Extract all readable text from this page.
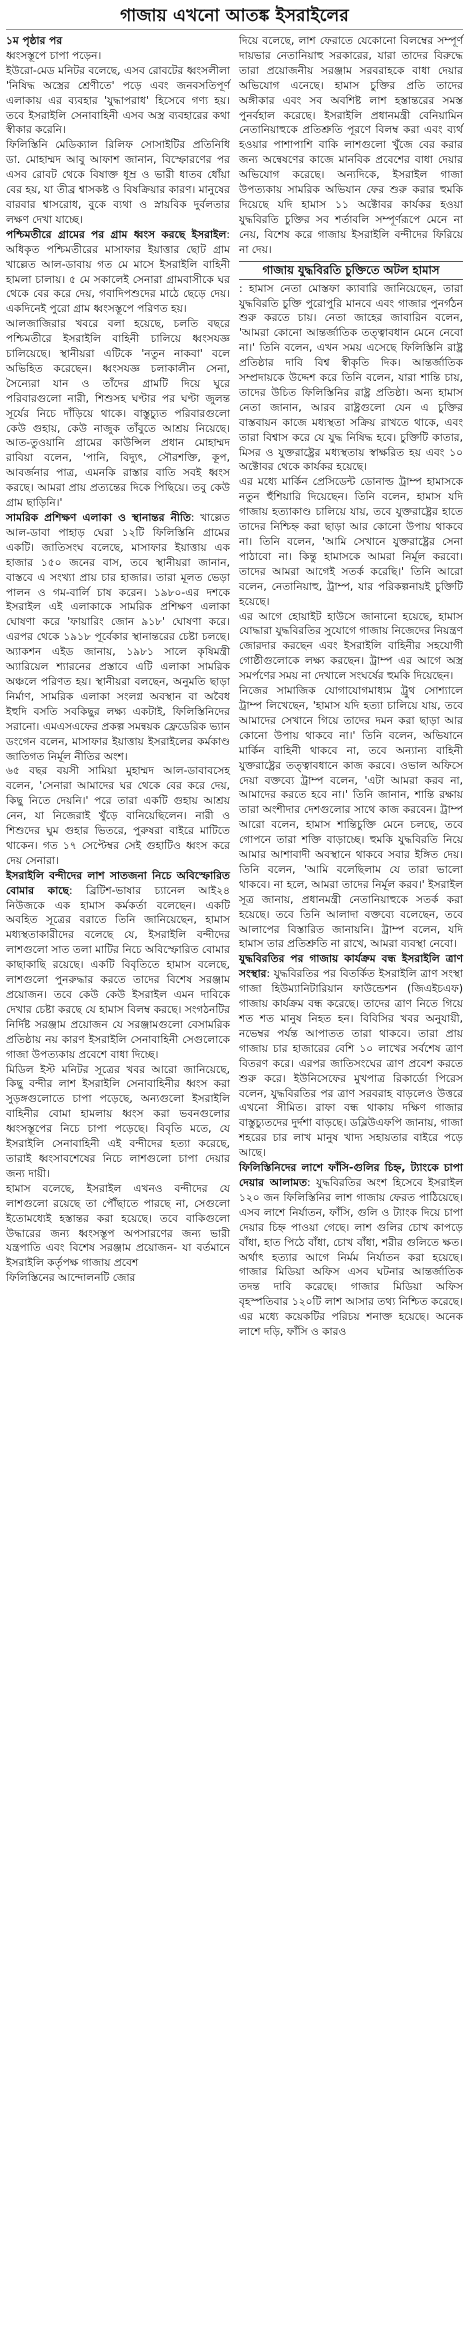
গাজায় এখনো আতঙ্ক ইসরাইলের

১ম পৃষ্ঠার পর

ধ্বংসস্তূপে চাপা পড়েন।

ইউরো-মেড মনিটর বলেছে, এসব রোবটের ধ্বংসলীলা 'নিষিদ্ধ অস্ত্রের শ্রেণীতে' পড়ে এবং জনবসতিপূর্ণ এলাকায় এর ব্যবহার 'যুদ্ধাপরাধ' হিসেবে গণ্য হয়। তবে ইসরাইলি সেনাবাহিনী এসব অস্ত্র ব্যবহারের কথা স্বীকার করেনি।

ফিলিস্তিনি মেডিক্যাল রিলিফ সোসাইটির প্রতিনিধি ডা. মোহাম্মদ আবু আফাশ জানান, বিস্ফোরণের পর এসব রোবট থেকে বিষাক্ত ধূম্র ও ভারী ধাতব ধোঁয়া বের হয়, যা তীব্র শ্বাসকষ্ট ও বিষক্রিয়ার কারণ। মানুষের বারবার শ্বাসরোধ, বুকে ব্যথা ও স্নায়বিক দুর্বলতার লক্ষণ দেখা যাচ্ছে।

পশ্চিমতীরে গ্রামের পর গ্রাম ধ্বংস করছে ইসরাইল: অধিকৃত পশ্চিমতীরের মাসাফার ইয়াত্তার ছোট গ্রাম খাল্লেত আল-ডাবায় গত মে মাসে ইসরাইলি বাহিনী হামলা চালায়। ৫ মে সকালেই সেনারা গ্রামবাসীকে ঘর থেকে বের করে দেয়, গবাদিপশুদের মাঠে ছেড়ে দেয়। একদিনেই পুরো গ্রাম ধ্বংসস্তূপে পরিণত হয়।

আলজাজিরার খবরে বলা হয়েছে, চলতি বছরে পশ্চিমতীরে ইসরাইলি বাহিনী চালিয়ে ধ্বংসযজ্ঞ চালিয়েছে। স্থানীয়রা এটিকে 'নতুন নাকবা' বলে অভিহিত করেছেন। ধ্বংসযজ্ঞ চলাকালীন সেনা, সৈন্যেরা যান ও তাঁদের গ্রামটি দিয়ে ঘুরে পরিবারগুলো নারী, শিশুসহ ঘণ্টার পর ঘণ্টা জুলন্ত সূর্যের নিচে দাঁড়িয়ে থাকে। বাস্তুচ্যুত পরিবারগুলো কেউ গুহায়, কেউ নাজুক তাঁবুতে আশ্রয় নিয়েছে। আত-তুওয়ানি গ্রামের কাউন্সিল প্রধান মোহাম্মদ রাবিয়া বলেন, 'পানি, বিদ্যুৎ, সৌরশক্তি, কূপ, আবর্জনার পাত্র, এমনকি রাস্তার বাতি সবই ধ্বংস করছে। আমরা প্রায় প্রত্যন্তের দিকে পিছিয়ে। তবু কেউ গ্রাম ছাড়িনি।'

সামরিক প্রশিক্ষণ এলাকা ও স্থানান্তর নীতি: খাল্লেত আল-ডাবা পাহাড় ঘেরা ১২টি ফিলিস্তিনি গ্রামের একটি। জাতিসংঘ বলেছে, মাসাফার ইয়াত্তায় এক হাজার ১৫০ জনের বাস, তবে স্থানীয়রা জানান, বাস্তবে এ সংখ্যা প্রায় চার হাজার। তারা মূলত ভেড়া পালন ও গম-বার্লি চাষ করেন। ১৯৮০-এর দশকে ইসরাইল এই এলাকাকে সামরিক প্রশিক্ষণ এলাকা ঘোষণা করে 'ফায়ারিং জোন ৯১৮' ঘোষণা করে। এরপর থেকে ১৯১৮ পূর্বেকার স্থানান্তরের চেষ্টা চলছে। অ্যাকশন এইড জানায়, ১৯৮১ সালে কৃষিমন্ত্রী অ্যারিয়েল শ্যারনের প্রস্তাবে এটি এলাকা সামরিক অঞ্চলে পরিণত হয়। স্থানীয়রা বলছেন, অনুমতি ছাড়া নির্মাণ, সামরিক এলাকা সংলগ্ন অবস্থান বা অবৈধ ইহুদি বসতি সবকিছুর লক্ষ্য একটাই, ফিলিস্তিনিদের সরানো। এমএসএফের প্রকল্প সমন্বয়ক ফ্রেডেরিক ভ্যান ডংগেন বলেন, মাসাফার ইয়াত্তায় ইসরাইলের কর্মকাণ্ড জাতিগত নির্মূল নীতির অংশ।

৬৫ বছর বয়সী সামিয়া মুহাম্মদ আল-ডাবাবসেহ বলেন, 'সেনারা আমাদের ঘর থেকে বের করে দেয়, কিছু নিতে দেয়নি।' পরে তারা একটি গুহায় আশ্রয় নেন, যা নিজেরাই খুঁড়ে বানিয়েছিলেন। নারী ও শিশুদের ঘুম গুহার ভিতরে, পুরুষরা বাইরে মাটিতে থাকেন। গত ১৭ সেপ্টেম্বর সেই গুহাটিও ধ্বংস করে দেয় সেনারা।

ইসরাইলি বন্দীদের লাশ সাতজনা নিচে অবিস্ফোরিত বোমার কাছে: ব্রিটিশ-ভাষার চ্যানেল আই২৪ নিউজকে এক হামাস কর্মকর্তা বলেছেন। একটি অবহিত সূত্রের বরাতে তিনি জানিয়েছেন, হামাস মধ্যস্থতাকারীদের বলেছে যে, ইসরাইলি বন্দীদের লাশগুলো সাত তলা মাটির নিচে অবিস্ফোরিত বোমার কাছাকাছি রয়েছে। একটি বিবৃতিতে হামাস বলেছে, লাশগুলো পুনরুদ্ধার করতে তাদের বিশেষ সরঞ্জাম প্রয়োজন। তবে কেউ কেউ ইসরাইল এমন দাবিকে দেখার চেষ্টা করছে যে হামাস বিলম্ব করছে। সংগঠনটির নির্দিষ্ট সরঞ্জাম প্রয়োজন যে সরঞ্জামগুলো বেসামরিক প্রতিষ্ঠায় নয় কারণ ইসরাইলি সেনাবাহিনী সেগুলোকে গাজা উপত্যকায় প্রবেশে বাধা দিচ্ছে।

মিডিল ইস্ট মনিটর সূত্রের খবর আরো জানিয়েছে, কিছু বন্দীর লাশ ইসরাইলি সেনাবাহিনীর ধ্বংস করা সুড়ঙ্গগুলোতে চাপা পড়েছে, অন্যগুলো ইসরাইলি বাহিনীর বোমা হামলায় ধ্বংস করা ভবনগুলোর ধ্বংসস্তূপের নিচে চাপা পড়েছে। বিবৃতি মতে, যে ইসরাইলি সেনাবাহিনী এই বন্দীদের হত্যা করেছে, তারাই ধ্বংসাবশেষের নিচে লাশগুলো চাপা দেয়ার জন্য দায়ী।

হামাস বলেছে, ইসরাইল এখনও বন্দীদের যে লাশগুলো রয়েছে তা পৌঁছাতে পারছে না, সেগুলো ইতোমধ্যেই হস্তান্তর করা হয়েছে। তবে বাকিগুলো উদ্ধারের জন্য ধ্বংসস্তূপ অপসারণের জন্য ভারী যন্ত্রপাতি এবং বিশেষ সরঞ্জাম প্রয়োজন- যা বর্তমানে ইসরাইলি কর্তৃপক্ষ গাজায় প্রবেশ

ফিলিস্তিনের আন্দোলনটি জোর

দিয়ে বলেছে, লাশ ফেরাতে যেকোনো বিলম্বের সম্পূর্ণ দায়ভার নেতানিয়াহু সরকারের, যারা তাদের বিরুদ্ধে তারা প্রয়োজনীয় সরঞ্জাম সরবরাহকে বাধা দেয়ার অভিযোগ এনেছে। হামাস চুক্তির প্রতি তাদের অঙ্গীকার এবং সব অবশিষ্ট লাশ হস্তান্তরের সমস্ত পুনর্বহাল করেছে। ইসরাইলি প্রধানমন্ত্রী বেনিয়ামিন নেতানিয়াহুকে প্রতিশ্রুতি পূরণে বিলম্ব করা এবং ব্যর্থ হওয়ার পাশাপাশি বাকি লাশগুলো খুঁজে বের করার জন্য অন্বেষণের কাজে মানবিক প্রবেশের বাধা দেয়ার অভিযোগ করেছে। অন্যদিকে, ইসরাইল গাজা উপত্যকায় সামরিক অভিযান ফের শুরু করার হুমকি দিয়েছে যদি হামাস ১১ অক্টোবর কার্যকর হওয়া যুদ্ধবিরতি চুক্তির সব শর্তাবলি সম্পূর্ণরূপে মেনে না নেয়, বিশেষ করে গাজায় ইসরাইলি বন্দীদের ফিরিয়ে না দেয়।

গাজায় যুদ্ধবিরতি চুক্তিতে অটল হামাস

: হামাস নেতা মোস্তফা ক্যাবারি জানিয়েছেন, তারা যুদ্ধবিরতি চুক্তি পুরোপুরি মানবে এবং গাজার পুনর্গঠন শুরু করতে চায়। নেতা জাহের জাবারিন বলেন, 'আমরা কোনো আন্তর্জাতিক তত্ত্বাবধান মেনে নেবো না।' তিনি বলেন, এখন সময় এসেছে ফিলিস্তিনি রাষ্ট্র প্রতিষ্ঠার দাবি বিশ্ব স্বীকৃতি দিক। আন্তর্জাতিক সম্প্রদায়কে উদ্দেশ করে তিনি বলেন, যারা শান্তি চায়, তাদের উচিত ফিলিস্তিনির রাষ্ট্র প্রতিষ্ঠা। অন্য হামাস নেতা জানান, আরব রাষ্ট্রগুলো যেন এ চুক্তির বাস্তবায়ন কাজে মধ্যস্থতা সক্রিয় রাখতে থাকে, এবং তারা বিশ্বাস করে যে যুদ্ধ নিষিদ্ধ হবে। চুক্তিটি কাতার, মিসর ও যুক্তরাষ্ট্রের মধ্যস্থতায় স্বাক্ষরিত হয় এবং ১০ অক্টোবর থেকে কার্যকর হয়েছে।

এর মধ্যে মার্কিন প্রেসিডেন্ট ডোনাল্ড ট্রাম্প হামাসকে নতুন হুঁশিয়ারি দিয়েছেন। তিনি বলেন, হামাস যদি গাজায় হত্যাকাণ্ড চালিয়ে যায়, তবে যুক্তরাষ্ট্রের হাতে তাদের নিশ্চিহ্ন করা ছাড়া আর কোনো উপায় থাকবে না। তিনি বলেন, 'আমি সেখানে যুক্তরাষ্ট্রের সেনা পাঠাবো না। কিন্তু হামাসকে আমরা নির্মূল করবো। তাদের আমরা আগেই সতর্ক করেছি।' তিনি আরো বলেন, নেতানিয়াহু, ট্রাম্প, যার পরিকল্পনায়ই চুক্তিটি হয়েছে।

এর আগে হোয়াইট হাউসে জানানো হয়েছে, হামাস যোদ্ধারা যুদ্ধবিরতির সুযোগে গাজায় নিজেদের নিয়ন্ত্রণ জোরদার করছেন এবং ইসরাইলি বাহিনীর সহযোগী গোষ্ঠীগুলোকে লক্ষ্য করছেন। ট্রাম্প এর আগে অস্ত্র সমর্পণের সময় না দেখালে সংঘর্ষের হুমকি দিয়েছেন।

নিজের সামাজিক যোগাযোগমাধ্যম ট্রুথ সোশ্যালে ট্রাম্প লিখেছেন, 'হামাস যদি হত্যা চালিয়ে যায়, তবে আমাদের সেখানে গিয়ে তাদের দমন করা ছাড়া আর কোনো উপায় থাকবে না।' তিনি বলেন, অভিযানে মার্কিন বাহিনী থাকবে না, তবে অন্যান্য বাহিনী যুক্তরাষ্ট্রের তত্ত্বাবধানে কাজ করবে। ওভাল অফিসে দেয়া বক্তব্যে ট্রাম্প বলেন, 'এটা আমরা করব না, আমাদের করতে হবে না।' তিনি জানান, শান্তি রক্ষায় তারা অংশীদার দেশগুলোর সাথে কাজ করবেন। ট্রাম্প আরো বলেন, হামাস শান্তিচুক্তি মেনে চলছে, তবে গোপনে তারা শক্তি বাড়াচ্ছে। হুমকি যুদ্ধবিরতি নিয়ে আমার আশাবাদী অবস্থানে থাকবে সবার ইঙ্গিত দেয়। তিনি বলেন, 'আমি বলেছিলাম যে তারা ভালো থাকবে। না হলে, আমরা তাদের নির্মূল করব।' ইসরাইল সূত্র জানায়, প্রধানমন্ত্রী নেতানিয়াহুকে সতর্ক করা হয়েছে। তবে তিনি আলাদা বক্তব্যে বলেছেন, তবে আলাপের বিস্তারিত জানায়নি। ট্রাম্প বলেন, যদি হামাস তার প্রতিশ্রুতি না রাখে, আমরা ব্যবস্থা নেবো।

যুদ্ধবিরতির পর গাজায় কার্যক্রম বন্ধ ইসরাইলি ত্রাণ সংস্থার: যুদ্ধবিরতির পর বিতর্কিত ইসরাইলি ত্রাণ সংস্থা গাজা হিউম্যানিটারিয়ান ফাউন্ডেশন (জিএইচএফ) গাজায় কার্যক্রম বন্ধ করেছে। তাদের ত্রাণ নিতে গিয়ে শত শত মানুষ নিহত হন। বিবিসির খবর অনুযায়ী, নভেম্বর পর্যন্ত আপাতত তারা থাকবে। তারা প্রায় গাজায় চার হাজারের বেশি ১০ লাখের সর্বশেষ ত্রাণ বিতরণ করে। এরপর জাতিসংঘের ত্রাণ প্রবেশ করতে শুরু করে। ইউনিসেফের মুখপাত্র রিকার্ডো পিরেস বলেন, যুদ্ধবিরতির পর ত্রাণ সরবরাহ বাড়লেও উত্তরে এখনো সীমিত। রাফা বন্ধ থাকায় দক্ষিণ গাজার বাস্তুচ্যুতদের দুর্দশা বাড়ছে। ডব্লিউএফপি জানায়, গাজা শহরের চার লাখ মানুষ খাদ্য সহায়তার বাইরে পড়ে আছে।

ফিলিস্তিনিদের লাশে ফাঁসি-গুলির চিহ্ন, ট্যাংকে চাপা দেয়ার আলামত: যুদ্ধবিরতির অংশ হিসেবে ইসরাইল ১২০ জন ফিলিস্তিনির লাশ গাজায় ফেরত পাঠিয়েছে। এসব লাশে নির্যাতন, ফাঁসি, গুলি ও ট্যাংক দিয়ে চাপা দেয়ার চিহ্ন পাওয়া গেছে। লাশ গুলির চোখ কাপড়ে বাঁধা, হাত পিঠে বাঁধা, চোখ বাঁধা, শরীর গুলিতে ক্ষত। অর্থাৎ হত্যার আগে নির্মম নির্যাতন করা হয়েছে। গাজার মিডিয়া অফিস এসব ঘটনার আন্তর্জাতিক তদন্ত দাবি করেছে। গাজার মিডিয়া অফিস বৃহস্পতিবার ১২০টি লাশ আসার তথ্য নিশ্চিত করেছে। এর মধ্যে কয়েকটির পরিচয় শনাক্ত হয়েছে। অনেক লাশে দড়ি, ফাঁসি ও কারও
